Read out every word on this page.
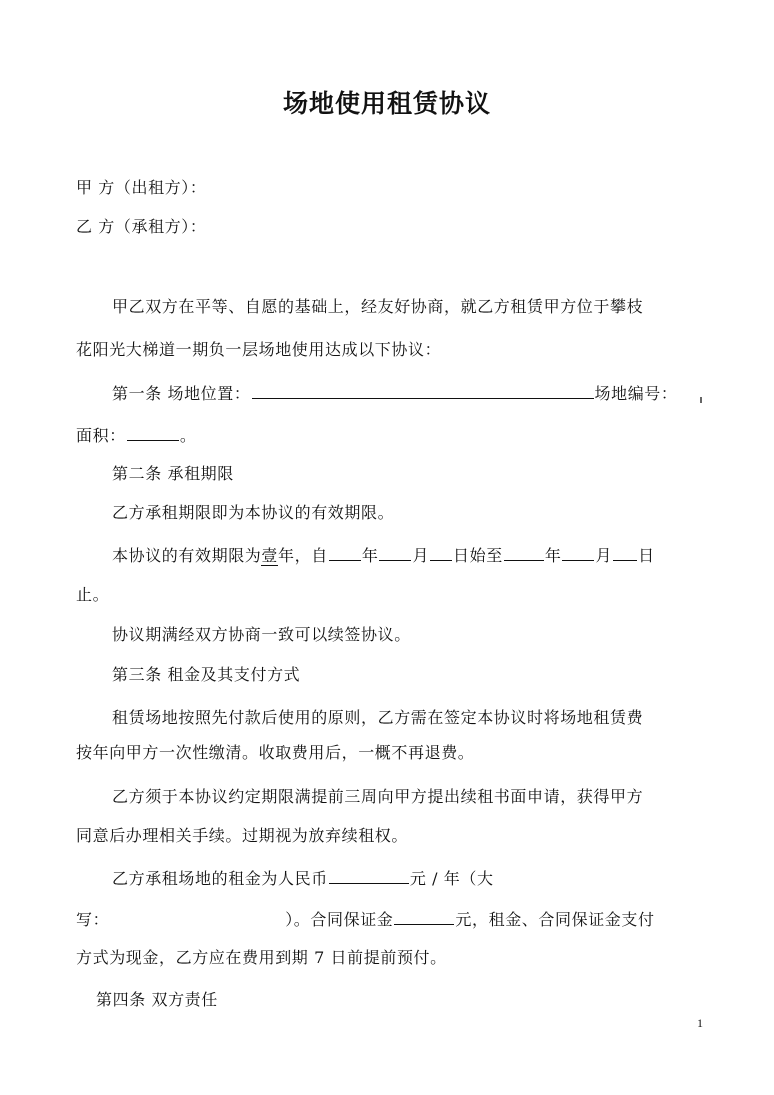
场地使用租赁协议
甲 方（出租方）：
乙 方（承租方）：
甲乙双方在平等、自愿的基础上，经友好协商，就乙方租赁甲方位于攀枝
花阳光大梯道一期负一层场地使用达成以下协议：
第一条 场地位置：	场地编号：
面积：	。
第二条 承租期限
乙方承租期限即为本协议的有效期限。
本协议的有效期限为壹年，自 年 月 日始至	年 月 日
止。
协议期满经双方协商一致可以续签协议。
第三条 租金及其支付方式
租赁场地按照先付款后使用的原则，乙方需在签定本协议时将场地租赁费
按年向甲方一次性缴清。收取费用后，一概不再退费。
乙方须于本协议约定期限满提前三周向甲方提出续租书面申请，获得甲方
同意后办理相关手续。过期视为放弃续租权。
乙方承租场地的租金为人民币	元 / 年（大
写：	）。合同保证金	元，租金、合同保证金支付
方式为现金，乙方应在费用到期 7 日前提前预付。
第四条 双方责任
1
